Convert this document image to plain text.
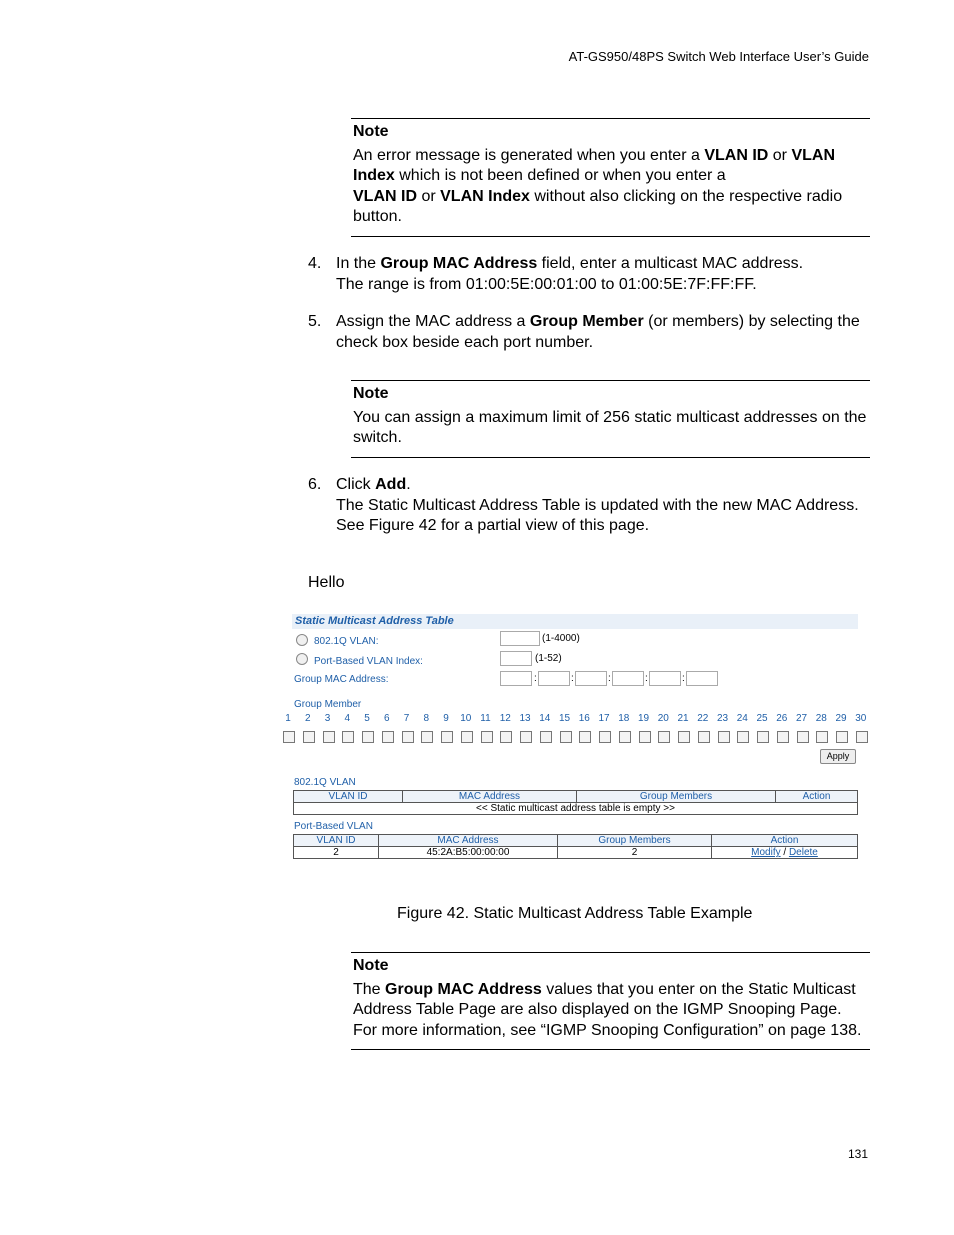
AT-GS950/48PS Switch Web Interface User’s Guide
Note
An error message is generated when you enter a VLAN ID or VLAN Index which is not been defined or when you enter a
VLAN ID or VLAN Index without also clicking on the respective radio button.
4. In the Group MAC Address field, enter a multicast MAC address.
The range is from 01:00:5E:00:01:00 to 01:00:5E:7F:FF:FF.
5. Assign the MAC address a Group Member (or members) by selecting the check box beside each port number.
Note
You can assign a maximum limit of 256 static multicast addresses on the switch.
6. Click Add.
The Static Multicast Address Table is updated with the new MAC Address.
See Figure 42 for a partial view of this page.
Hello
Static Multicast Address Table
802.1Q VLAN:	(1-4000)
Port-Based VLAN Index:	(1-52)
Group MAC Address:	:	:	:	:	:
Group Member
1	2	3	4	5	6	7	8	9	10 11 12 13 14 15 16 17 18 19 20 21 22 23 24 25 26 27 28 29 30
Apply
802.1Q VLAN
VLAN ID	MAC Address	Group Members	Action
<< Static multicast address table is empty >>
Port-Based VLAN
VLAN ID	MAC Address	Group Members	Action
2	45:2A:B5:00:00:00	2	Modify / Delete
Figure 42. Static Multicast Address Table Example
Note
The Group MAC Address values that you enter on the Static Multicast Address Table Page are also displayed on the IGMP Snooping Page. For more information, see “IGMP Snooping Configuration” on page 138.
131
